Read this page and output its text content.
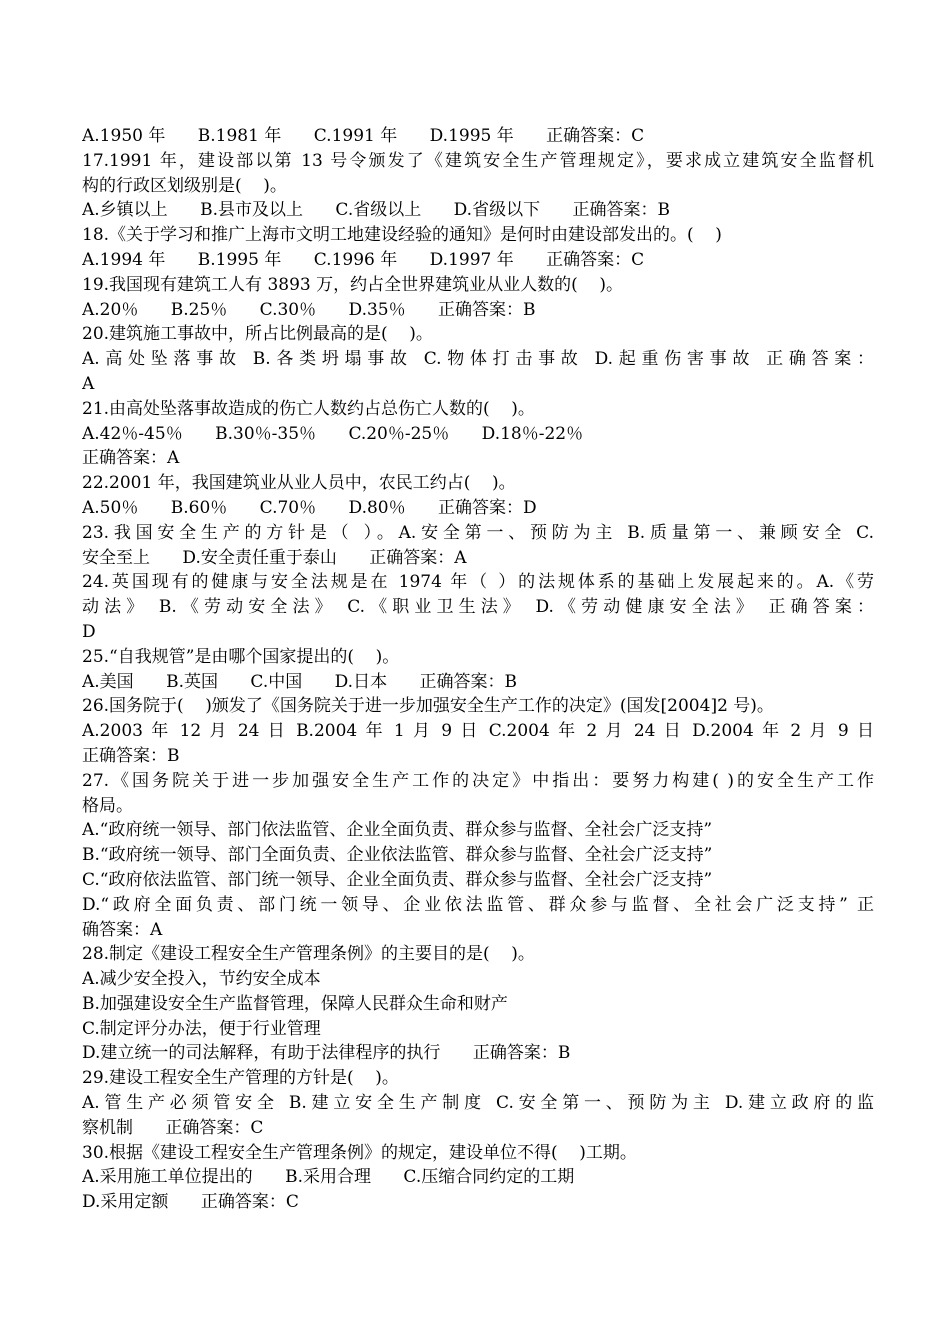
A.1950 年      B.1981 年      C.1991 年      D.1995 年      正确答案：C
17.1991 年，建设部以第 13 号令颁发了《建筑安全生产管理规定》，要求成立建筑安全监督机
构的行政区划级别是(    )。
A.乡镇以上      B.县市及以上      C.省级以上      D.省级以下      正确答案：B
18.《关于学习和推广上海市文明工地建设经验的通知》是何时由建设部发出的。(    )
A.1994 年      B.1995 年      C.1996 年      D.1997 年      正确答案：C
19.我国现有建筑工人有 3893 万，约占全世界建筑业从业人数的(    )。
A.20％      B.25％      C.30％      D.35％      正确答案：B
20.建筑施工事故中，所占比例最高的是(    )。
A.高处坠落事故 B.各类坍塌事故 C.物体打击事故 D.起重伤害事故 正确答案：
A
21.由高处坠落事故造成的伤亡人数约占总伤亡人数的(    )。
A.42％-45％      B.30％-35％      C.20％-25％      D.18％-22％
正确答案：A
22.2001 年，我国建筑业从业人员中，农民工约占(    )。
A.50％      B.60％      C.70％      D.80％      正确答案：D
23.我国安全生产的方针是（ ）。A.安全第一、预防为主 B.质量第一、兼顾安全 C.
安全至上      D.安全责任重于泰山      正确答案：A
24.英国现有的健康与安全法规是在 1974 年（ ）的法规体系的基础上发展起来的。A.《劳
动法》 B.《劳动安全法》 C.《职业卫生法》 D.《劳动健康安全法》 正确答案：
D
25.“自我规管”是由哪个国家提出的(    )。
A.美国      B.英国      C.中国      D.日本      正确答案：B
26.国务院于(    )颁发了《国务院关于进一步加强安全生产工作的决定》(国发[2004]2 号)。
A.2003 年 12 月 24 日 B.2004 年 1 月 9 日 C.2004 年 2 月 24 日 D.2004 年 2 月 9 日
正确答案：B
27.《国务院关于进一步加强安全生产工作的决定》中指出：要努力构建( )的安全生产工作
格局。
A.“政府统一领导、部门依法监管、企业全面负责、群众参与监督、全社会广泛支持”
B.“政府统一领导、部门全面负责、企业依法监管、群众参与监督、全社会广泛支持”
C.“政府依法监管、部门统一领导、企业全面负责、群众参与监督、全社会广泛支持”
D.“政府全面负责、部门统一领导、企业依法监管、群众参与监督、全社会广泛支持” 正
确答案：A
28.制定《建设工程安全生产管理条例》的主要目的是(    )。
A.减少安全投入，节约安全成本
B.加强建设安全生产监督管理，保障人民群众生命和财产
C.制定评分办法，便于行业管理
D.建立统一的司法解释，有助于法律程序的执行      正确答案：B
29.建设工程安全生产管理的方针是(    )。
A.管生产必须管安全 B.建立安全生产制度 C.安全第一、预防为主 D.建立政府的监
察机制      正确答案：C
30.根据《建设工程安全生产管理条例》的规定，建设单位不得(    )工期。
A.采用施工单位提出的      B.采用合理      C.压缩合同约定的工期
D.采用定额      正确答案：C
